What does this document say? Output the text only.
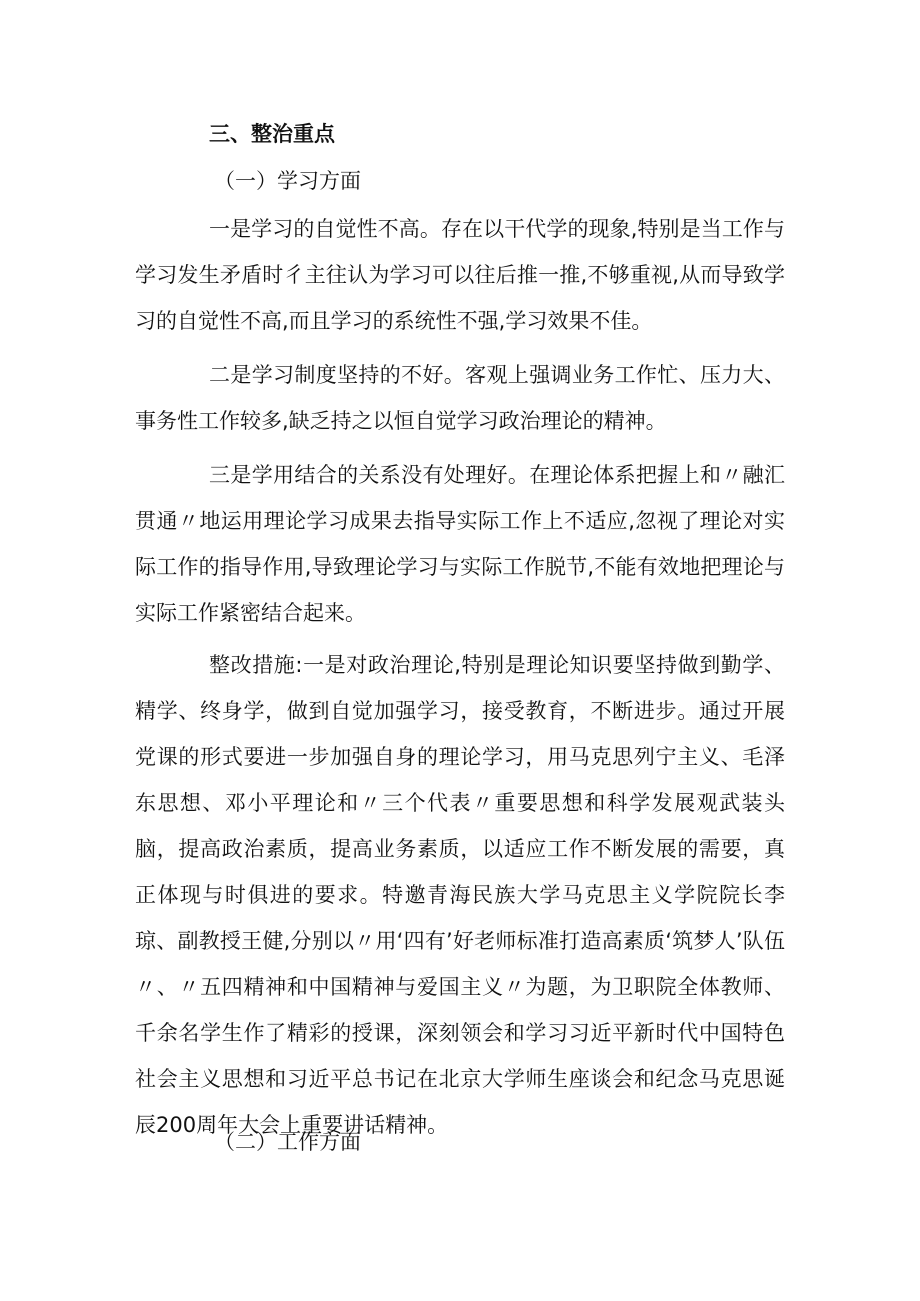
三、整治重点
（一）学习方面

一是学习的自觉性不高。存在以干代学的现象,特别是当工作与学习发生矛盾时彳主往认为学习可以往后推一推,不够重视,从而导致学习的自觉性不高,而且学习的系统性不强,学习效果不佳。

二是学习制度坚持的不好。客观上强调业务工作忙、压力大、事务性工作较多,缺乏持之以恒自觉学习政治理论的精神。

三是学用结合的关系没有处理好。在理论体系把握上和〃融汇贯通〃地运用理论学习成果去指导实际工作上不适应,忽视了理论对实际工作的指导作用,导致理论学习与实际工作脱节,不能有效地把理论与实际工作紧密结合起来。

整改措施:一是对政治理论,特别是理论知识要坚持做到勤学、精学、终身学，做到自觉加强学习，接受教育，不断进步。通过开展党课的形式要进一步加强自身的理论学习，用马克思列宁主义、毛泽东思想、邓小平理论和〃三个代表〃重要思想和科学发展观武装头脑，提高政治素质，提高业务素质，以适应工作不断发展的需要，真正体现与时俱进的要求。特邀青海民族大学马克思主义学院院长李琼、副教授王健,分别以〃用‘四有’好老师标准打造高素质‘筑梦人’队伍〃、〃五四精神和中国精神与爱国主义〃为题，为卫职院全体教师、千余名学生作了精彩的授课，深刻领会和学习习近平新时代中国特色社会主义思想和习近平总书记在北京大学师生座谈会和纪念马克思诞辰200周年大会上重要讲话精神。

（二）工作方面
